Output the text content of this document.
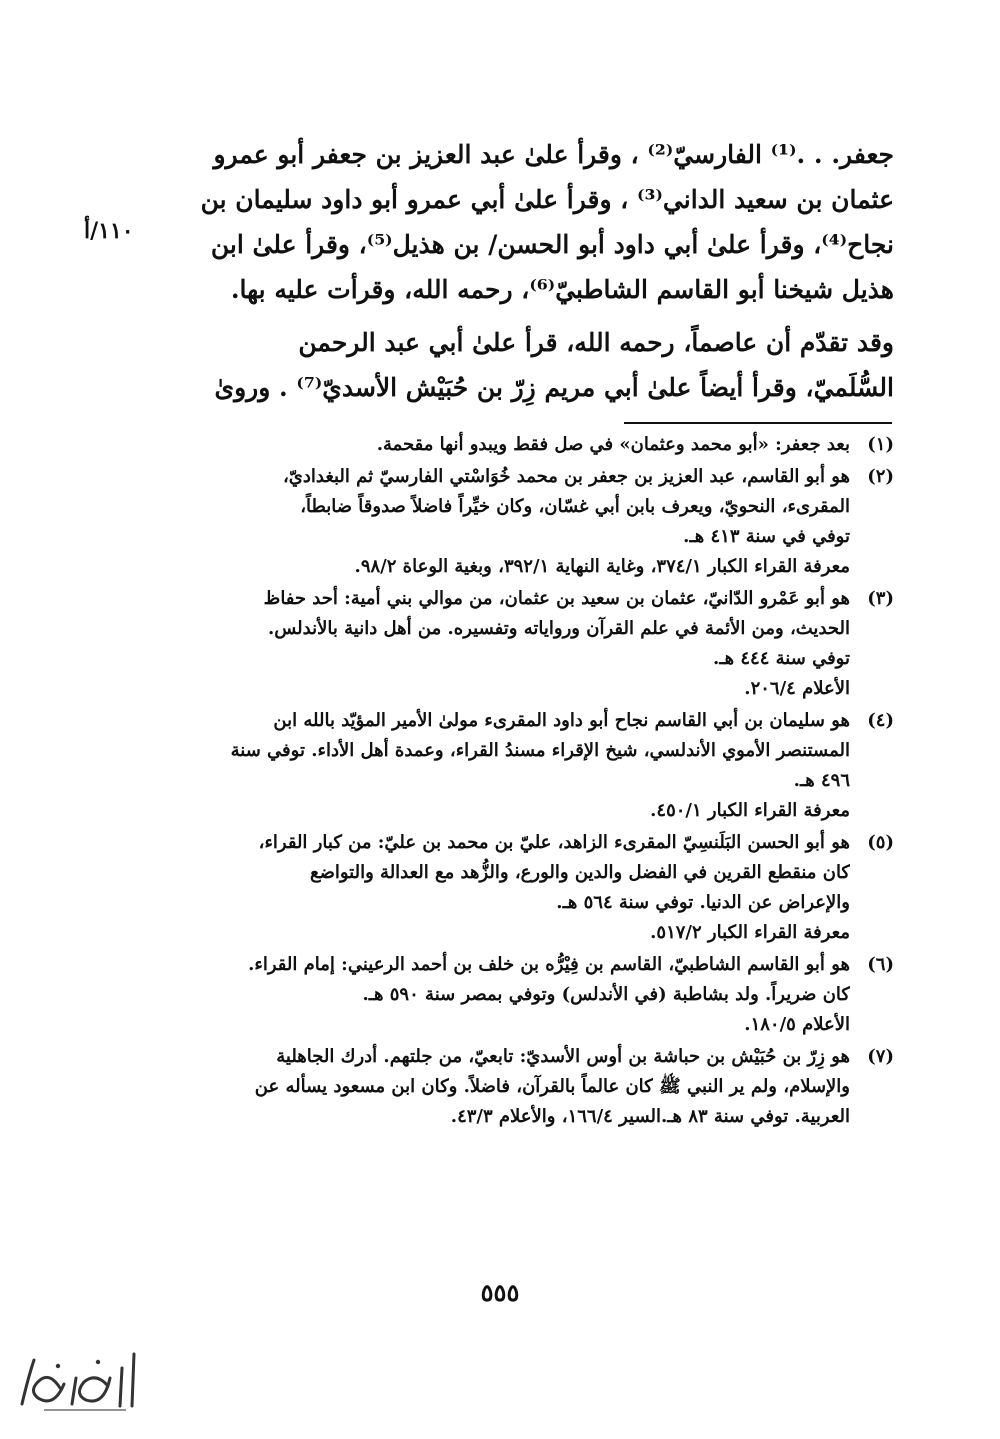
١١٠/أ

جعفر. . .⁽¹⁾ الفارسيّ⁽²⁾ ، وقرأ علىٰ عبد العزيز بن جعفر أبو عمرو
عثمان بن سعيد الداني⁽³⁾ ، وقرأ علىٰ أبي عمرو أبو داود سليمان بن
نجاح⁽⁴⁾، وقرأ علىٰ أبي داود أبو الحسن/ بن هذيل⁽⁵⁾، وقرأ علىٰ ابن
هذيل شيخنا أبو القاسم الشاطبيّ⁽⁶⁾، رحمه الله، وقرأت عليه بها.

وقد تقدّم أن عاصماً، رحمه الله، قرأ علىٰ أبي عبد الرحمن
السُّلَميّ، وقرأ أيضاً علىٰ أبي مريم زِرّ بن حُبَيْش الأسديّ⁽⁷⁾ . وروىٰ

(١)
بعد جعفر: «أبو محمد وعثمان» في صل فقط ويبدو أنها مقحمة.
(٢)
هو أبو القاسم، عبد العزيز بن جعفر بن محمد خُوَاسْتي الفارسيّ ثم البغداديّ،
المقرىء، النحويّ، ويعرف بابن أبي غسّان، وكان خيِّراً فاضلاً صدوقاً ضابطاً،
توفي في سنة ٤١٣ هـ.
معرفة القراء الكبار ٣٧٤/١، وغاية النهاية ٣٩٢/١، وبغية الوعاة ٩٨/٢.
(٣)
هو أبو عَمْرو الدّانيّ، عثمان بن سعيد بن عثمان، من موالي بني أمية: أحد حفاظ
الحديث، ومن الأئمة في علم القرآن ورواياته وتفسيره. من أهل دانية بالأندلس.
توفي سنة ٤٤٤ هـ.
الأعلام ٢٠٦/٤.
(٤)
هو سليمان بن أبي القاسم نجاح أبو داود المقرىء مولىٰ الأمير المؤيّد بالله ابن
المستنصر الأموي الأندلسي، شيخ الإقراء مسندُ القراء، وعمدة أهل الأداء. توفي سنة
٤٩٦ هـ.
معرفة القراء الكبار ٤٥٠/١.
(٥)
هو أبو الحسن البَلَنسِيّ المقرىء الزاهد، عليّ بن محمد بن عليّ: من كبار القراء،
كان منقطع القرين في الفضل والدين والورع، والزُّهد مع العدالة والتواضع
والإعراض عن الدنيا. توفي سنة ٥٦٤ هـ.
معرفة القراء الكبار ٥١٧/٢.
(٦)
هو أبو القاسم الشاطبيّ، القاسم بن فِيْرُّه بن خلف بن أحمد الرعيني: إمام القراء.
كان ضريراً. ولد بشاطبة (في الأندلس) وتوفي بمصر سنة ٥٩٠ هـ.
الأعلام ١٨٠/٥.
(٧)
هو زِرّ بن حُبَيْش بن حباشة بن أوس الأسديّ: تابعيّ، من جلتهم. أدرك الجاهلية
والإسلام، ولم ير النبي ﷺ كان عالماً بالقرآن، فاضلاً. وكان ابن مسعود يسأله عن
العربية. توفي سنة ٨٣ هـ.السير ١٦٦/٤، والأعلام ٤٣/٣.
٥٥٥
